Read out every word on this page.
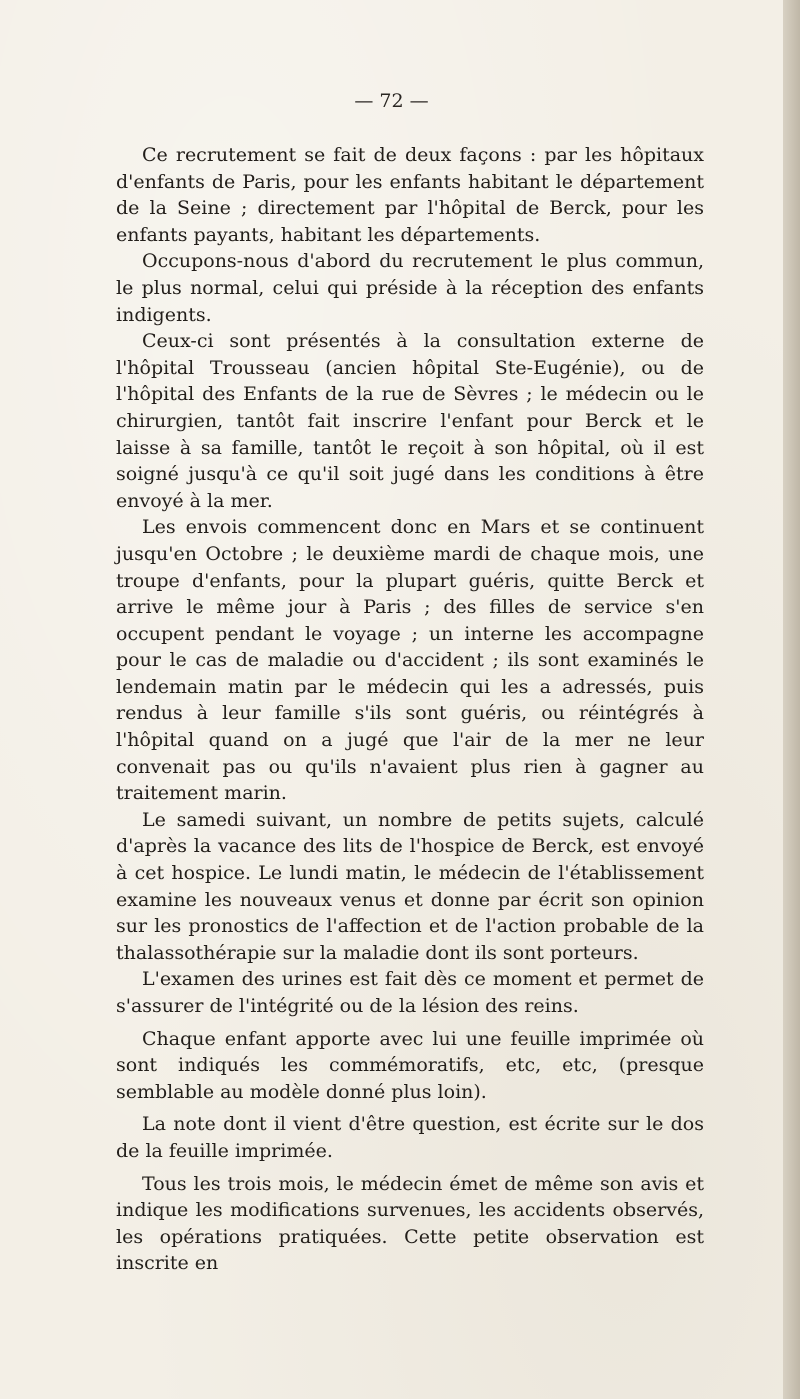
— 72 —

Ce recrutement se fait de deux façons : par les hôpitaux d'enfants de Paris, pour les enfants habitant le département de la Seine ; directement par l'hôpital de Berck, pour les enfants payants, habitant les départements.

Occupons-nous d'abord du recrutement le plus commun, le plus normal, celui qui préside à la réception des enfants indigents.

Ceux-ci sont présentés à la consultation externe de l'hôpital Trousseau (ancien hôpital Ste-Eugénie), ou de l'hôpital des Enfants de la rue de Sèvres ; le médecin ou le chirurgien, tantôt fait inscrire l'enfant pour Berck et le laisse à sa famille, tantôt le reçoit à son hôpital, où il est soigné jusqu'à ce qu'il soit jugé dans les conditions à être envoyé à la mer.

Les envois commencent donc en Mars et se continuent jusqu'en Octobre ; le deuxième mardi de chaque mois, une troupe d'enfants, pour la plupart guéris, quitte Berck et arrive le même jour à Paris ; des filles de service s'en occupent pendant le voyage ; un interne les accompagne pour le cas de maladie ou d'accident ; ils sont examinés le lendemain matin par le médecin qui les a adressés, puis rendus à leur famille s'ils sont guéris, ou réintégrés à l'hôpital quand on a jugé que l'air de la mer ne leur convenait pas ou qu'ils n'avaient plus rien à gagner au traitement marin.

Le samedi suivant, un nombre de petits sujets, calculé d'après la vacance des lits de l'hospice de Berck, est envoyé à cet hospice. Le lundi matin, le médecin de l'établissement examine les nouveaux venus et donne par écrit son opinion sur les pronostics de l'affection et de l'action probable de la thalassothérapie sur la maladie dont ils sont porteurs.

L'examen des urines est fait dès ce moment et permet de s'assurer de l'intégrité ou de la lésion des reins.

Chaque enfant apporte avec lui une feuille imprimée où sont indiqués les commémoratifs, etc, etc, (presque semblable au modèle donné plus loin).

La note dont il vient d'être question, est écrite sur le dos de la feuille imprimée.

Tous les trois mois, le médecin émet de même son avis et indique les modifications survenues, les accidents observés, les opérations pratiquées. Cette petite observation est inscrite en
